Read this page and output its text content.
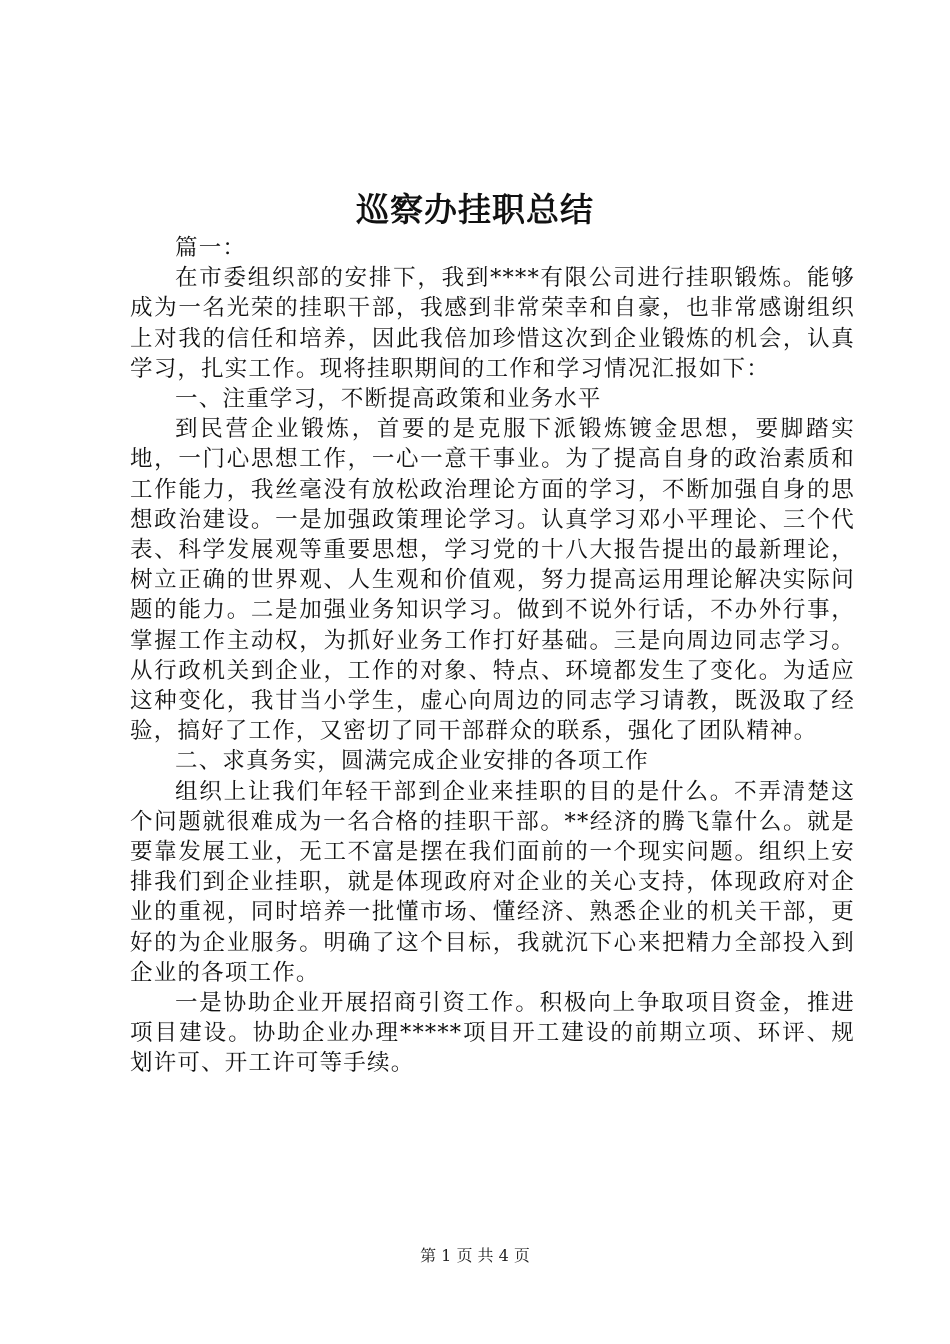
巡察办挂职总结

篇一：

在市委组织部的安排下，我到****有限公司进行挂职锻炼。能够成为一名光荣的挂职干部，我感到非常荣幸和自豪，也非常感谢组织上对我的信任和培养，因此我倍加珍惜这次到企业锻炼的机会，认真学习，扎实工作。现将挂职期间的工作和学习情况汇报如下：

一、注重学习，不断提高政策和业务水平

到民营企业锻炼，首要的是克服下派锻炼镀金思想，要脚踏实地，一门心思想工作，一心一意干事业。为了提高自身的政治素质和工作能力，我丝毫没有放松政治理论方面的学习，不断加强自身的思想政治建设。一是加强政策理论学习。认真学习邓小平理论、三个代表、科学发展观等重要思想，学习党的十八大报告提出的最新理论，树立正确的世界观、人生观和价值观，努力提高运用理论解决实际问题的能力。二是加强业务知识学习。做到不说外行话，不办外行事，掌握工作主动权，为抓好业务工作打好基础。三是向周边同志学习。从行政机关到企业，工作的对象、特点、环境都发生了变化。为适应这种变化，我甘当小学生，虚心向周边的同志学习请教，既汲取了经验，搞好了工作，又密切了同干部群众的联系，强化了团队精神。

二、求真务实，圆满完成企业安排的各项工作

组织上让我们年轻干部到企业来挂职的目的是什么。不弄清楚这个问题就很难成为一名合格的挂职干部。**经济的腾飞靠什么。就是要靠发展工业，无工不富是摆在我们面前的一个现实问题。组织上安排我们到企业挂职，就是体现政府对企业的关心支持，体现政府对企业的重视，同时培养一批懂市场、懂经济、熟悉企业的机关干部，更好的为企业服务。明确了这个目标，我就沉下心来把精力全部投入到企业的各项工作。

一是协助企业开展招商引资工作。积极向上争取项目资金，推进项目建设。协助企业办理*****项目开工建设的前期立项、环评、规划许可、开工许可等手续。

第 1 页 共 4 页
